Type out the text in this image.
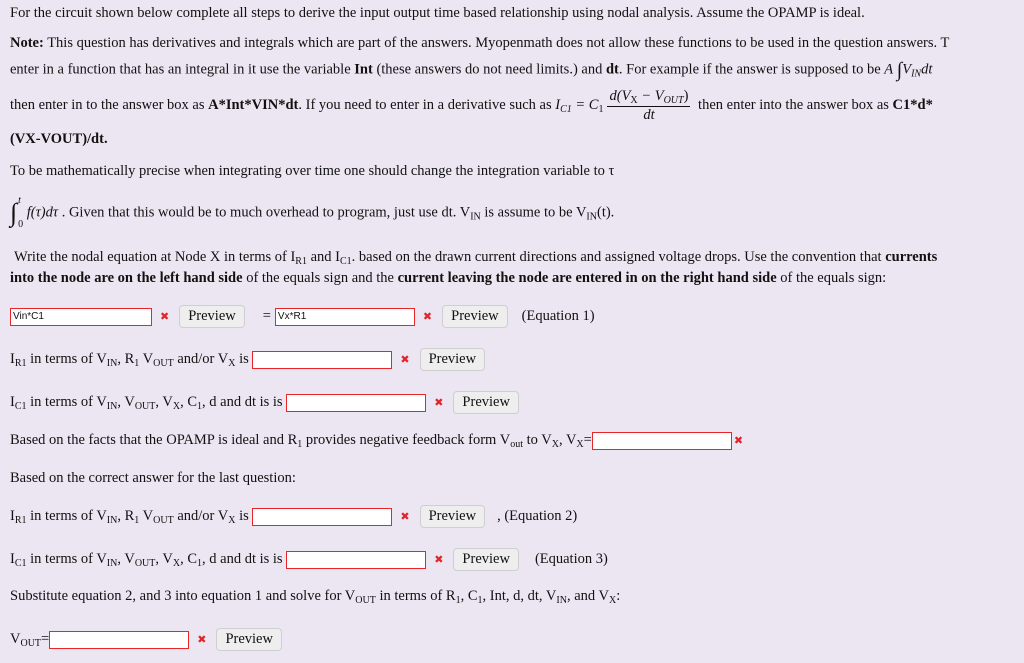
For the circuit shown below complete all steps to derive the input output time based relationship using nodal analysis. Assume the OPAMP is ideal.
Note: This question has derivatives and integrals which are part of the answers. Myopenmath does not allow these functions to be used in the question answers. T
enter in a function that has an integral in it use the variable Int (these answers do not need limits.) and dt. For example if the answer is supposed to be A $\int V_{IN}dt$
then enter in to the answer box as A*Int*VIN*dt. If you need to enter in a derivative such as $I_{C1} = C_1 \frac{d(V_X - V_{OUT})}{dt}$ then enter into the answer box as C1*d*
(VX-VOUT)/dt.
To be mathematically precise when integrating over time one should change the integration variable to τ
∫ t
0
f(τ)dτ . Given that this would be to much overhead to program, just use dt. $V_{IN}$ is assume to be $V_{IN}(t)$.
Write the nodal equation at Node X in terms of $I_{R1}$ and $I_{C1}$. based on the drawn current directions and assigned voltage drops. Use the convention that currents
into the node are on the left hand side of the equals sign and the current leaving the node are entered in on the right hand side of the equals sign:
Vin*C1	✖ Preview = Vx*R1	✖ Preview (Equation 1)
$I_{R1}$ in terms of $V_{IN}$, $R_1$ $V_{OUT}$ and/or $V_X$ is	✖ Preview
$I_{C1}$ in terms of $V_{IN}$, $V_{OUT}$, $V_X$, $C_1$, d and dt is is	✖ Preview
Based on the facts that the OPAMP is ideal and $R_1$ provides negative feedback form $V_{out}$ to $V_X$, $V_X=$	✖
Based on the correct answer for the last question:
$I_{R1}$ in terms of $V_{IN}$, $R_1$ $V_{OUT}$ and/or $V_X$ is	✖ Preview , (Equation 2)
$I_{C1}$ in terms of $V_{IN}$, $V_{OUT}$, $V_X$, $C_1$, d and dt is is	✖ Preview (Equation 3)
Substitute equation 2, and 3 into equation 1 and solve for $V_{OUT}$ in terms of $R_1$, $C_1$, Int, d, dt, $V_{IN}$, and $V_X$:
$V_{OUT}=$	✖ Preview
